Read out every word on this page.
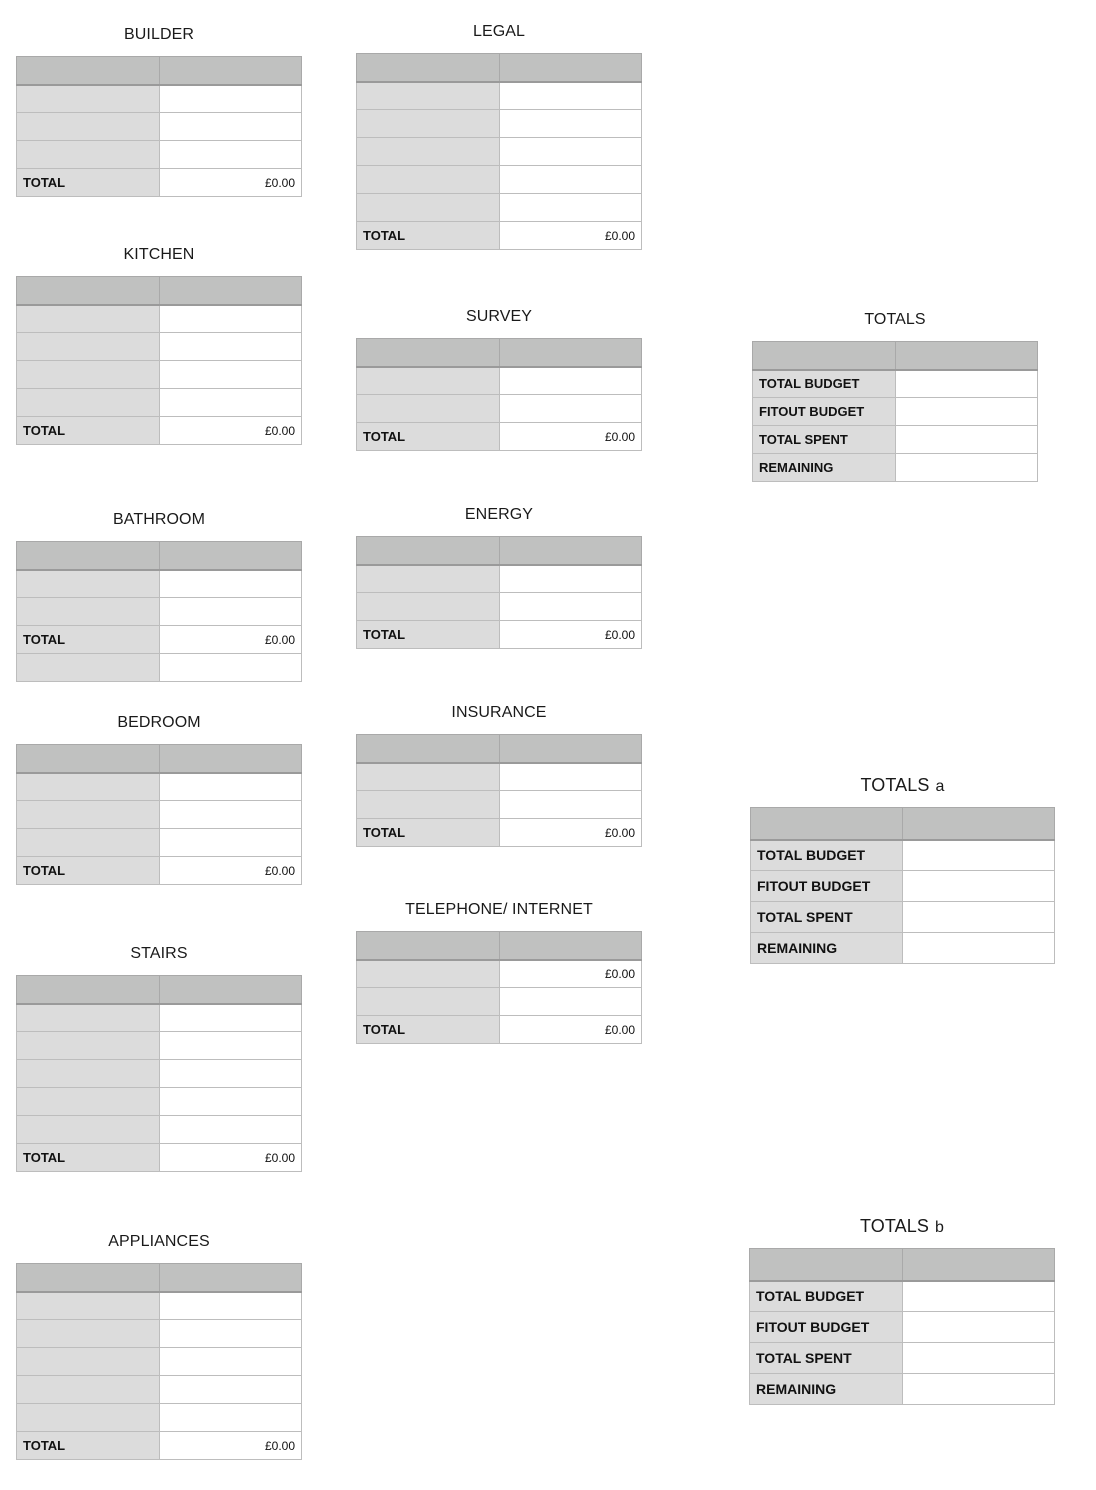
BUILDER

TOTAL	£0.00
KITCHEN

TOTAL	£0.00
BATHROOM

TOTAL	£0.00

BEDROOM

TOTAL	£0.00
STAIRS

TOTAL	£0.00
APPLIANCES

TOTAL	£0.00
LEGAL

TOTAL	£0.00
SURVEY

TOTAL	£0.00
ENERGY

TOTAL	£0.00
INSURANCE

TOTAL	£0.00
TELEPHONE/ INTERNET

	£0.00

TOTAL	£0.00
TOTALS

TOTAL BUDGET	
FITOUT BUDGET	
TOTAL SPENT	
REMAINING	
TOTALS a

TOTAL BUDGET	
FITOUT BUDGET	
TOTAL SPENT	
REMAINING	
TOTALS b

TOTAL BUDGET	
FITOUT BUDGET	
TOTAL SPENT	
REMAINING	
